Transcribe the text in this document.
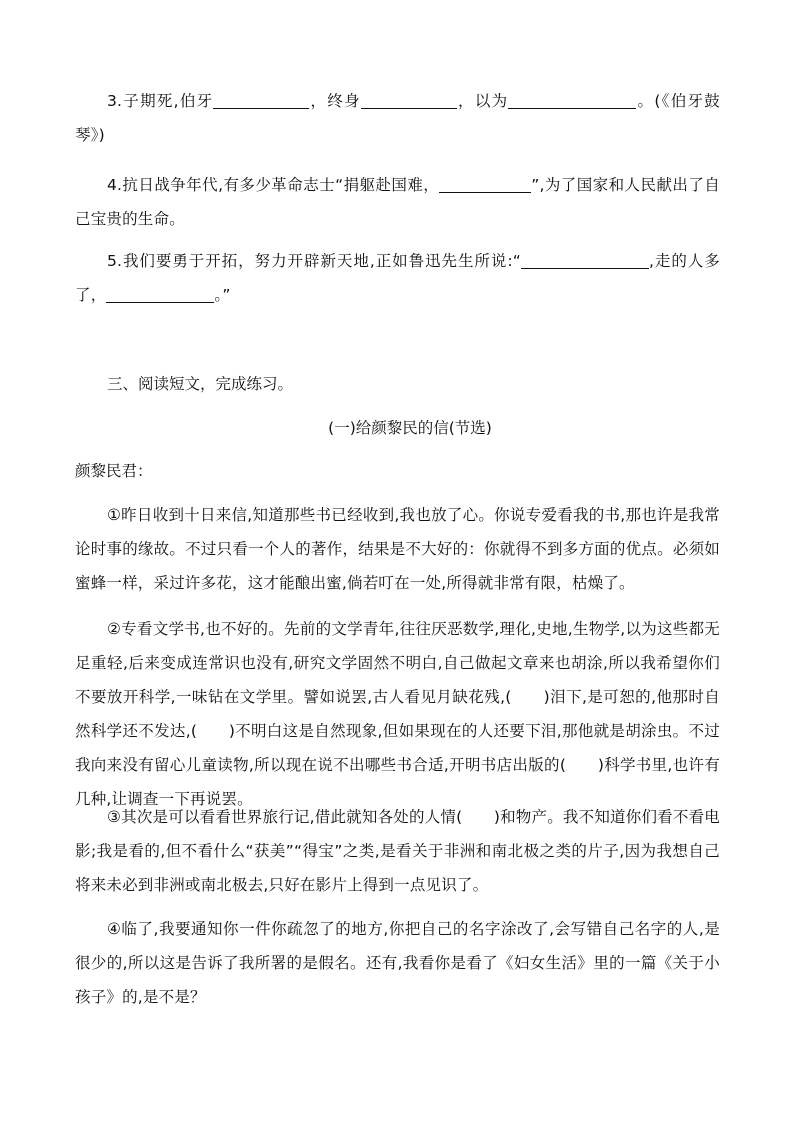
3.子期死,伯牙	，终身	，以为	。(《伯牙鼓琴》)

4.抗日战争年代,有多少革命志士“捐躯赴国难，	”,为了国家和人民献出了自己宝贵的生命。

5.我们要勇于开拓，努力开辟新天地,正如鲁迅先生所说:“	,走的人多了，	。”

三、阅读短文，完成练习。

(一)给颜黎民的信(节选)

颜黎民君：

①昨日收到十日来信,知道那些书已经收到,我也放了心。你说专爱看我的书,那也许是我常论时事的缘故。不过只看一个人的著作，结果是不大好的：你就得不到多方面的优点。必须如蜜蜂一样，采过许多花，这才能酿出蜜,倘若叮在一处,所得就非常有限，枯燥了。

②专看文学书,也不好的。先前的文学青年,往往厌恶数学,理化,史地,生物学,以为这些都无足重轻,后来变成连常识也没有,研究文学固然不明白,自己做起文章来也胡涂,所以我希望你们不要放开科学,一味钻在文学里。譬如说罢,古人看见月缺花残,(　　)泪下,是可恕的,他那时自然科学还不发达,(　　)不明白这是自然现象,但如果现在的人还要下泪,那他就是胡涂虫。不过我向来没有留心儿童读物,所以现在说不出哪些书合适,开明书店出版的(　　)科学书里,也许有几种,让调查一下再说罢。

③其次是可以看看世界旅行记,借此就知各处的人情(　　)和物产。我不知道你们看不看电影;我是看的,但不看什么“获美”“得宝”之类,是看关于非洲和南北极之类的片子,因为我想自己将来未必到非洲或南北极去,只好在影片上得到一点见识了。

④临了,我要通知你一件你疏忽了的地方,你把自己的名字涂改了,会写错自己名字的人,是很少的,所以这是告诉了我所署的是假名。还有,我看你是看了《妇女生活》里的一篇《关于小孩子》的,是不是？
